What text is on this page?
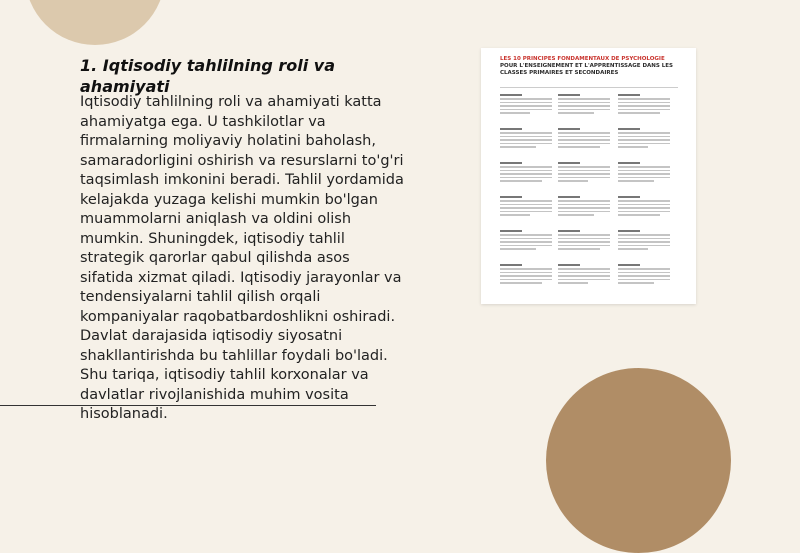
1. Iqtisodiy tahlilning roli va ahamiyati

Iqtisodiy tahlilning roli va ahamiyati katta ahamiyatga ega. U tashkilotlar va firmalarning moliyaviy holatini baholash, samaradorligini oshirish va resurslarni to'g'ri taqsimlash imkonini beradi. Tahlil yordamida kelajakda yuzaga kelishi mumkin bo'lgan muammolarni aniqlash va oldini olish mumkin. Shuningdek, iqtisodiy tahlil strategik qarorlar qabul qilishda asos sifatida xizmat qiladi. Iqtisodiy jarayonlar va tendensiyalarni tahlil qilish orqali kompaniyalar raqobatbardoshlikni oshiradi. Davlat darajasida iqtisodiy siyosatni shakllantirishda bu tahlillar foydali bo'ladi. Shu tariqa, iqtisodiy tahlil korxonalar va davlatlar rivojlanishida muhim vosita hisoblanadi.

LES 10 PRINCIPES FONDAMENTAUX DE PSYCHOLOGIE
POUR L'ENSEIGNEMENT ET L'APPRENTISSAGE DANS LES CLASSES PRIMAIRES ET SECONDAIRES
